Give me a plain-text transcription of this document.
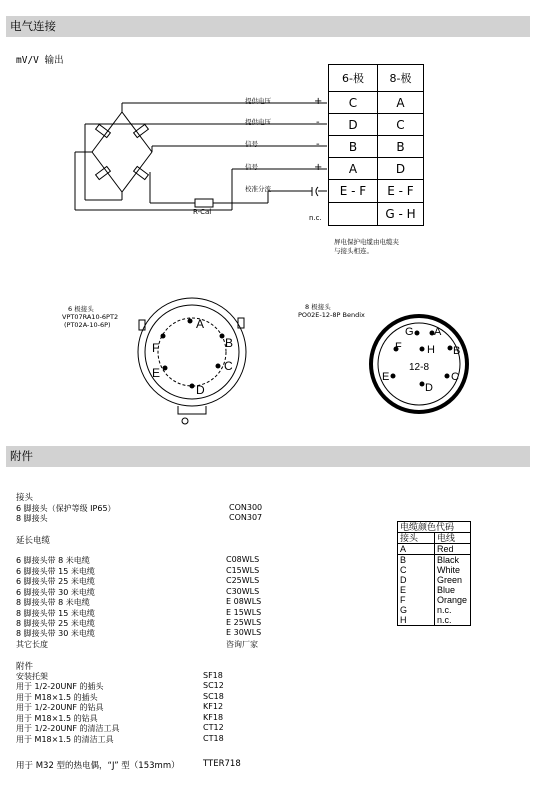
电气连接
mV/V 输出
提供电压
提供电压
信号
信号
校准分流
R-Cal
n.c.
+
-
-
+
6-极	8-极
C	A
D	C
B	B
A	D
E - F	E - F
	G - H
屏电保护电缆由电缆夹
与接头相连。
6 极接头
VPT07RA10-6PT2
(PT02A-10-6P)	A
B
C
D
E
F
8 极接头
PO02E-12-8P Bendix
G A
H B
12-8
C
D
E
F
附件
接头
6 脚接头（保护等级 IP65）	CON300
8 脚接头	CON307
延长电缆
6 脚接头带 8 米电缆	C08WLS
6 脚接头带 15 米电缆	C15WLS
6 脚接头带 25 米电缆	C25WLS
6 脚接头带 30 米电缆	C30WLS
8 脚接头带 8 米电缆	E 08WLS
8 脚接头带 15 米电缆	E 15WLS
8 脚接头带 25 米电缆	E 25WLS
8 脚接头带 30 米电缆	E 30WLS
其它长度	咨询厂家
附件
安装托架	SF18
用于 1/2-20UNF 的插头	SC12
用于 M18×1.5 的插头	SC18
用于 1/2-20UNF 的钻具	KF12
用于 M18×1.5 的钻具	KF18
用于 1/2-20UNF 的清洁工具	CT12
用于 M18×1.5 的清洁工具	CT18
用于 M32 型的热电偶，“J” 型（153mm）	TTER718
电缆颜色代码	
接头	电线
A	Red
B	Black
C	White
D	Green
E	Blue
F	Orange
G	n.c.
H	n.c.
